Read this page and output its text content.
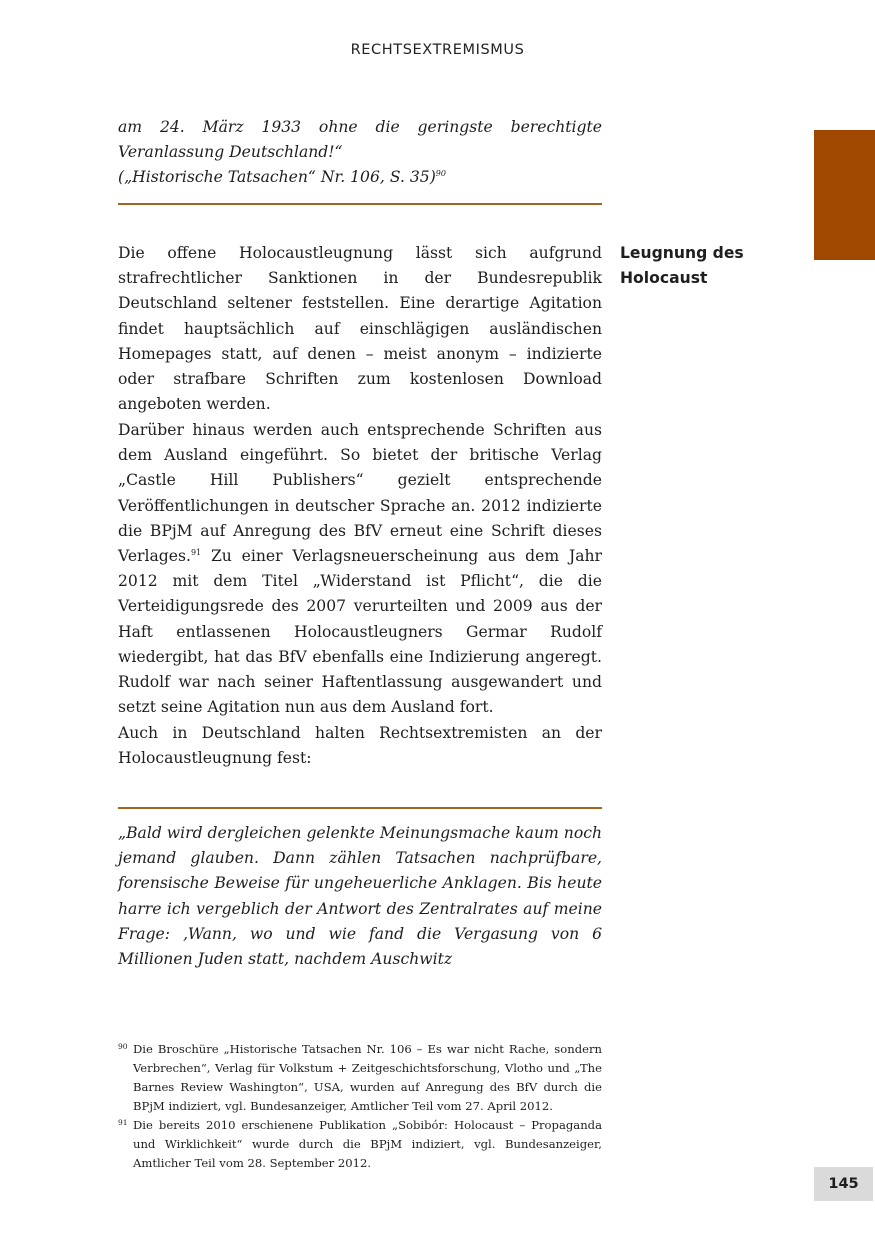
RECHTSEXTREMISMUS
am 24. März 1933 ohne die geringste berechtigte Veranlassung Deutschland!“
(„Historische Tatsachen“ Nr. 106, S. 35)$^{90}$
Leugnung des Holocaust
Die offene Holocaustleugnung lässt sich aufgrund strafrechtlicher Sanktionen in der Bundesrepublik Deutschland seltener feststellen. Eine derartige Agitation findet hauptsächlich auf einschlägigen ausländischen Homepages statt, auf denen – meist anonym – indizierte oder strafbare Schriften zum kostenlosen Download angeboten werden.
Darüber hinaus werden auch entsprechende Schriften aus dem Ausland eingeführt. So bietet der britische Verlag „Castle Hill Publishers“ gezielt entsprechende Veröffentlichungen in deutscher Sprache an. 2012 indizierte die BPjM auf Anregung des BfV erneut eine Schrift dieses Verlages.$^{91}$ Zu einer Verlagsneuerscheinung aus dem Jahr 2012 mit dem Titel „Widerstand ist Pflicht“, die die Verteidigungsrede des 2007 verurteilten und 2009 aus der Haft entlassenen Holocaustleugners Germar Rudolf wiedergibt, hat das BfV ebenfalls eine Indizierung angeregt. Rudolf war nach seiner Haftentlassung ausgewandert und setzt seine Agitation nun aus dem Ausland fort.
Auch in Deutschland halten Rechtsextremisten an der Holocaustleugnung fest:
„Bald wird dergleichen gelenkte Meinungsmache kaum noch jemand glauben. Dann zählen Tatsachen nachprüfbare, forensische Beweise für ungeheuerliche Anklagen. Bis heute harre ich vergeblich der Antwort des Zentralrates auf meine Frage: ‚Wann, wo und wie fand die Vergasung von 6 Millionen Juden statt, nachdem Auschwitz
90 Die Broschüre „Historische Tatsachen Nr. 106 – Es war nicht Rache, sondern Verbrechen“, Verlag für Volkstum + Zeitgeschichtsforschung, Vlotho und „The Barnes Review Washington“, USA, wurden auf Anregung des BfV durch die BPjM indiziert, vgl. Bundesanzeiger, Amtlicher Teil vom 27. April 2012.
91 Die bereits 2010 erschienene Publikation „Sobibór: Holocaust – Propaganda und Wirklichkeit“ wurde durch die BPjM indiziert, vgl. Bundesanzeiger, Amtlicher Teil vom 28. September 2012.
145
